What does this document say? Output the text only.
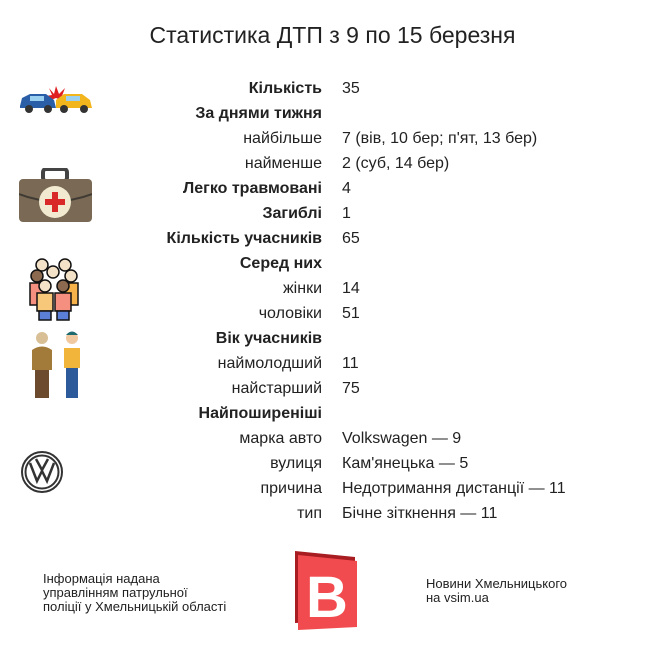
Статистика ДТП з 9 по 15 березня
Кількість 35
За днями тижня
найбільше 7 (вів, 10 бер; п'ят, 13 бер)
найменше 2 (суб, 14 бер)
Легко травмовані 4
Загиблі 1
Кількість учасників 65
Серед них
жінки 14
чоловіки 51
Вік учасників
наймолодший 11
найстарший 75
Найпоширеніші
марка авто Volkswagen — 9
вулиця Кам'янецька — 5
причина Недотримання дистанції — 11
тип Бічне зіткнення — 11
Інформація надана
управлінням патрульної
поліції у Хмельницькій області B	Новини Хмельницького
на vsim.ua
